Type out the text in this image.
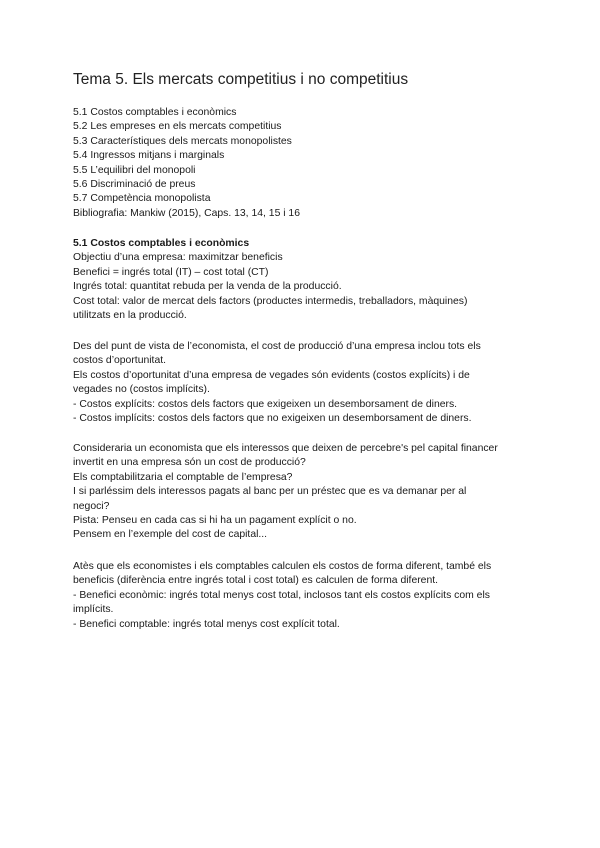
Tema 5. Els mercats competitius i no competitius

5.1 Costos comptables i econòmics

5.2 Les empreses en els mercats competitius

5.3 Característiques dels mercats monopolistes

5.4 Ingressos mitjans i marginals

5.5 L’equilibri del monopoli

5.6 Discriminació de preus

5.7 Competència monopolista

Bibliografia: Mankiw (2015), Caps. 13, 14, 15 i 16

5.1 Costos comptables i econòmics

Objectiu d’una empresa: maximitzar beneficis

Benefici = ingrés total (IT) – cost total (CT)

Ingrés total: quantitat rebuda per la venda de la producció.

Cost total: valor de mercat dels factors (productes intermedis, treballadors, màquines)

utilitzats en la producció.

Des del punt de vista de l’economista, el cost de producció d’una empresa inclou tots els

costos d’oportunitat.

Els costos d’oportunitat d’una empresa de vegades són evidents (costos explícits) i de

vegades no (costos implícits).

- Costos explícits: costos dels factors que exigeixen un desemborsament de diners.

- Costos implícits: costos dels factors que no exigeixen un desemborsament de diners.

Consideraria un economista que els interessos que deixen de percebre's pel capital financer

invertit en una empresa són un cost de producció?

Els comptabilitzaria el comptable de l’empresa?

I si parléssim dels interessos pagats al banc per un préstec que es va demanar per al

negoci?

Pista: Penseu en cada cas si hi ha un pagament explícit o no.

Pensem en l’exemple del cost de capital...

Atès que els economistes i els comptables calculen els costos de forma diferent, també els

beneficis (diferència entre ingrés total i cost total) es calculen de forma diferent.

- Benefici econòmic: ingrés total menys cost total, inclosos tant els costos explícits com els

implícits.

- Benefici comptable: ingrés total menys cost explícit total.
